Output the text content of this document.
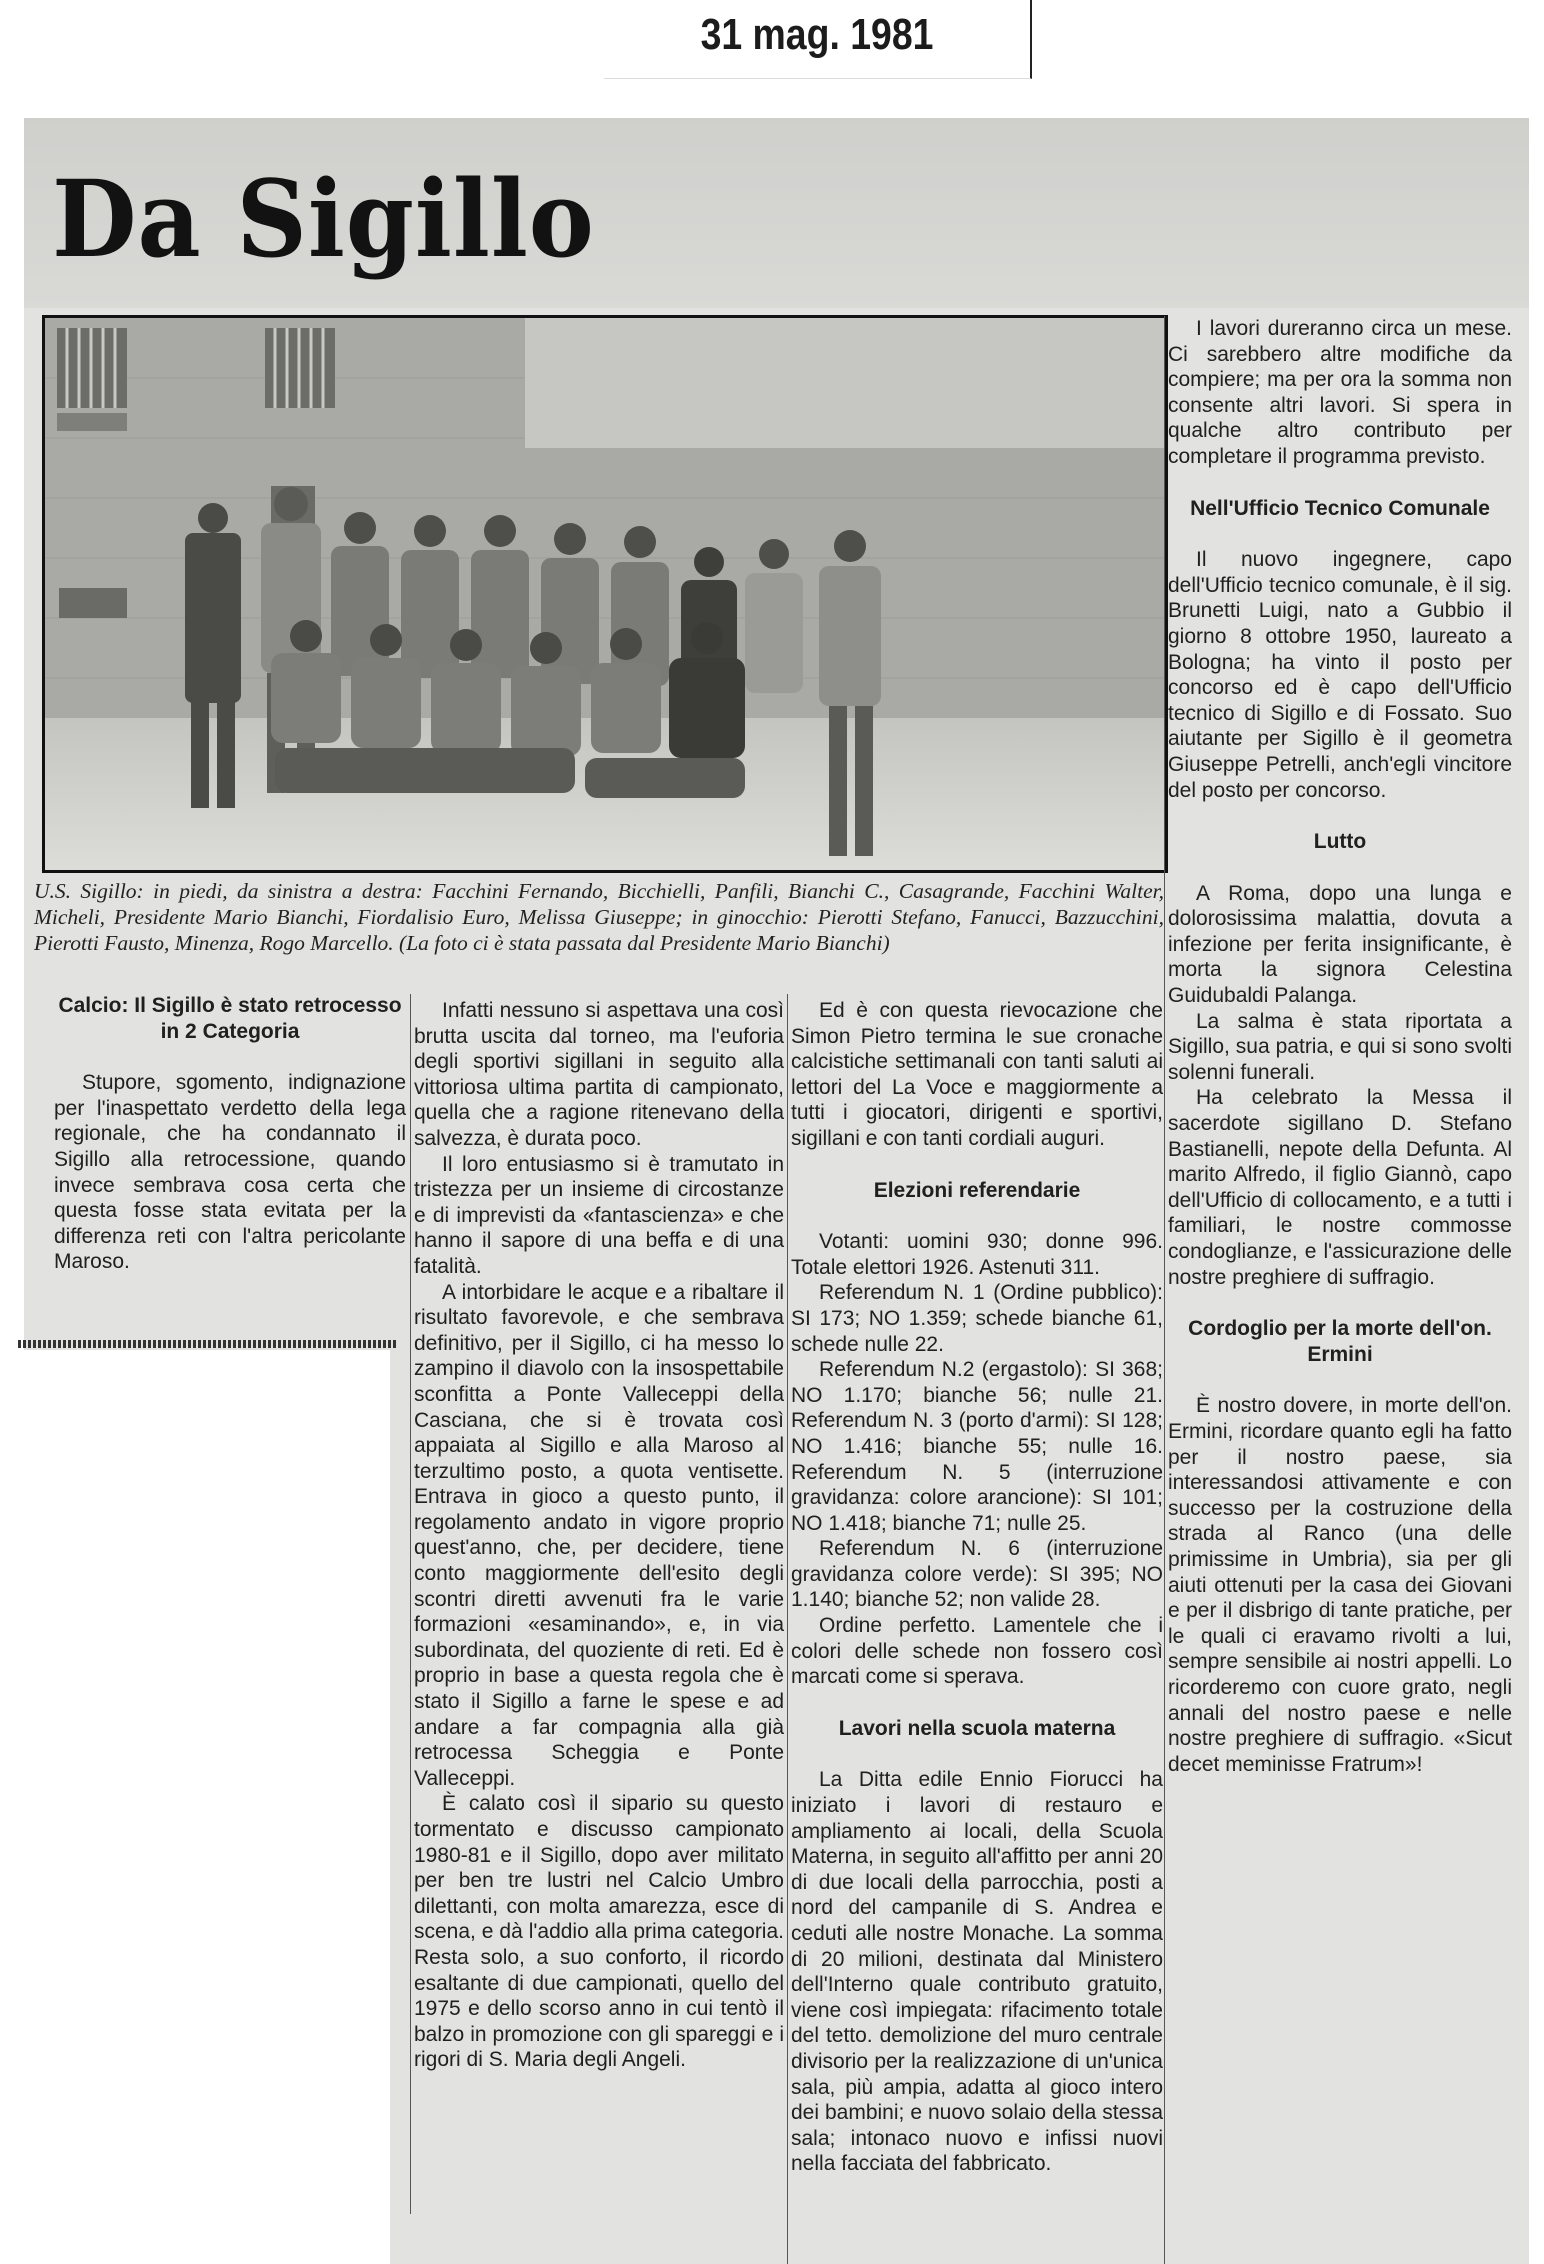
31 mag. 1981
Da Sigillo
U.S. Sigillo: in piedi, da sinistra a destra: Facchini Fernando, Bicchielli, Panfili, Bianchi C., Casagrande, Facchini Walter, Micheli, Presidente Mario Bianchi, Fiordalisio Euro, Melissa Giuseppe; in ginocchio: Pierotti Stefano, Fanucci, Bazzucchini, Pierotti Fausto, Minenza, Rogo Marcello. (La foto ci è stata passata dal Presidente Mario Bianchi)
Calcio: Il Sigillo è stato retrocesso in 2 Categoria

Stupore, sgomento, indignazione per l'inaspettato verdetto della lega regionale, che ha condannato il Sigillo alla retrocessione, quando invece sembrava cosa certa che questa fosse stata evitata per la differenza reti con l'altra pericolante Maroso.

Infatti nessuno si aspettava una così brutta uscita dal torneo, ma l'euforia degli sportivi sigillani in seguito alla vittoriosa ultima partita di campionato, quella che a ragione ritenevano della salvezza, è durata poco.

Il loro entusiasmo si è tramutato in tristezza per un insieme di circostanze e di imprevisti da «fantascienza» e che hanno il sapore di una beffa e di una fatalità.

A intorbidare le acque e a ribaltare il risultato favorevole, e che sembrava definitivo, per il Sigillo, ci ha messo lo zampino il diavolo con la insospettabile sconfitta a Ponte Valleceppi della Casciana, che si è trovata così appaiata al Sigillo e alla Maroso al terzultimo posto, a quota ventisette. Entrava in gioco a questo punto, il regolamento andato in vigore proprio quest'anno, che, per decidere, tiene conto maggiormente dell'esito degli scontri diretti avvenuti fra le varie formazioni «esaminando», e, in via subordinata, del quoziente di reti. Ed è proprio in base a questa regola che è stato il Sigillo a farne le spese e ad andare a far compagnia alla già retrocessa Scheggia e Ponte Valleceppi.

È calato così il sipario su questo tormentato e discusso campionato 1980-81 e il Sigillo, dopo aver militato per ben tre lustri nel Calcio Umbro dilettanti, con molta amarezza, esce di scena, e dà l'addio alla prima categoria. Resta solo, a suo conforto, il ricordo esaltante di due campionati, quello del 1975 e dello scorso anno in cui tentò il balzo in promozione con gli spareggi e i rigori di S. Maria degli Angeli.

Ed è con questa rievocazione che Simon Pietro termina le sue cronache calcistiche settimanali con tanti saluti ai lettori del La Voce e maggiormente a tutti i giocatori, dirigenti e sportivi, sigillani e con tanti cordiali auguri.

Elezioni referendarie

Votanti: uomini 930; donne 996. Totale elettori 1926. Astenuti 311.

Referendum N. 1 (Ordine pubblico): SI 173; NO 1.359; schede bianche 61, schede nulle 22.

Referendum N.2 (ergastolo): SI 368; NO 1.170; bianche 56; nulle 21. Referendum N. 3 (porto d'armi): SI 128; NO 1.416; bianche 55; nulle 16. Referendum N. 5 (interruzione gravidanza: colore arancione): SI 101; NO 1.418; bianche 71; nulle 25.

Referendum N. 6 (interruzione gravidanza colore verde): SI 395; NO 1.140; bianche 52; non valide 28.

Ordine perfetto. Lamentele che i colori delle schede non fossero così marcati come si sperava.

Lavori nella scuola materna

La Ditta edile Ennio Fiorucci ha iniziato i lavori di restauro e ampliamento ai locali, della Scuola Materna, in seguito all'affitto per anni 20 di due locali della parrocchia, posti a nord del campanile di S. Andrea e ceduti alle nostre Monache. La somma di 20 milioni, destinata dal Ministero dell'Interno quale contributo gratuito, viene così impiegata: rifacimento totale del tetto. demolizione del muro centrale divisorio per la realizzazione di un'unica sala, più ampia, adatta al gioco intero dei bambini; e nuovo solaio della stessa sala; intonaco nuovo e infissi nuovi nella facciata del fabbricato.

I lavori dureranno circa un mese. Ci sarebbero altre modifiche da compiere; ma per ora la somma non consente altri lavori. Si spera in qualche altro contributo per completare il programma previsto.

Nell'Ufficio Tecnico Comunale

Il nuovo ingegnere, capo dell'Ufficio tecnico comunale, è il sig. Brunetti Luigi, nato a Gubbio il giorno 8 ottobre 1950, laureato a Bologna; ha vinto il posto per concorso ed è capo dell'Ufficio tecnico di Sigillo e di Fossato. Suo aiutante per Sigillo è il geometra Giuseppe Petrelli, anch'egli vincitore del posto per concorso.

Lutto

A Roma, dopo una lunga e dolorosissima malattia, dovuta a infezione per ferita insignificante, è morta la signora Celestina Guidubaldi Palanga.

La salma è stata riportata a Sigillo, sua patria, e qui si sono svolti solenni funerali.

Ha celebrato la Messa il sacerdote sigillano D. Stefano Bastianelli, nepote della Defunta. Al marito Alfredo, il figlio Giannò, capo dell'Ufficio di collocamento, e a tutti i familiari, le nostre commosse condoglianze, e l'assicurazione delle nostre preghiere di suffragio.

Cordoglio per la morte dell'on. Ermini

È nostro dovere, in morte dell'on. Ermini, ricordare quanto egli ha fatto per il nostro paese, sia interessandosi attivamente e con successo per la costruzione della strada al Ranco (una delle primissime in Umbria), sia per gli aiuti ottenuti per la casa dei Giovani e per il disbrigo di tante pratiche, per le quali ci eravamo rivolti a lui, sempre sensibile ai nostri appelli. Lo ricorderemo con cuore grato, negli annali del nostro paese e nelle nostre preghiere di suffragio. «Sicut decet meminisse Fratrum»!
